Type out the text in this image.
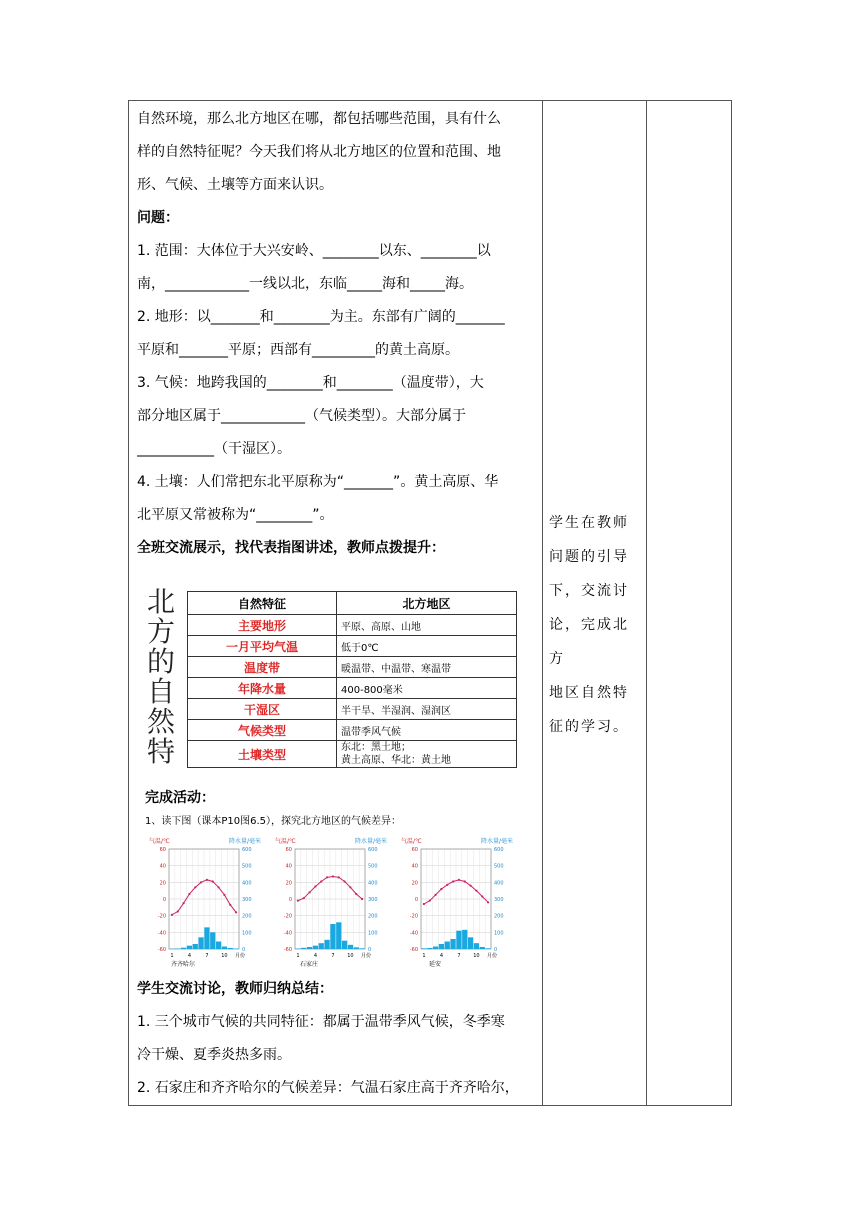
自然环境，那么北方地区在哪，都包括哪些范围，具有什么

样的自然特征呢？今天我们将从北方地区的位置和范围、地

形、气候、土壤等方面来认识。

问题：

1. 范围：大体位于大兴安岭、________以东、________以

南，____________一线以北，东临_____海和_____海。

2. 地形：以_______和________为主。东部有广阔的_______

平原和_______平原；西部有_________的黄土高原。

3. 气候：地跨我国的________和________（温度带），大

部分地区属于____________（气候类型）。大部分属于

___________（干湿区）。

4. 土壤：人们常把东北平原称为“_______”。黄土高原、华

北平原又常被称为“________”。

全班交流展示，找代表指图讲述，教师点拨提升：

北
方
的
自
然
特
自然特征	北方地区
主要地形	平原、高原、山地
一月平均气温	低于0℃
温度带	暖温带、中温带、寒温带
年降水量	400-800毫米
干湿区	半干旱、半湿润、湿润区
气候类型	温带季风气候
土壤类型	东北：黑土地；
黄土高原、华北：黄土地
完成活动：
1、读下图（课本P10图6.5），探究北方地区的气候差异：
气温/℃	降水量/毫米
60	600
40	500
20	400
0	300
-20	200
-40	100
-60	0
1	4	7	10 月份
齐齐哈尔
气温/℃	降水量/毫米
60	600
40	500
20	400
0	300
-20	200
-40	100
-60	0
1	4	7	10 月份
石家庄
气温/℃	降水量/毫米
60	600
40	500
20	400
0	300
-20	200
-40	100
-60	0
1	4	7	10 月份
延安

学生交流讨论，教师归纳总结：

1. 三个城市气候的共同特征：都属于温带季风气候，冬季寒

冷干燥、夏季炎热多雨。

2. 石家庄和齐齐哈尔的气候差异：气温石家庄高于齐齐哈尔，

学生在教师
问题的引导
下，交流讨
论，完成北方
地区自然特
征的学习。
